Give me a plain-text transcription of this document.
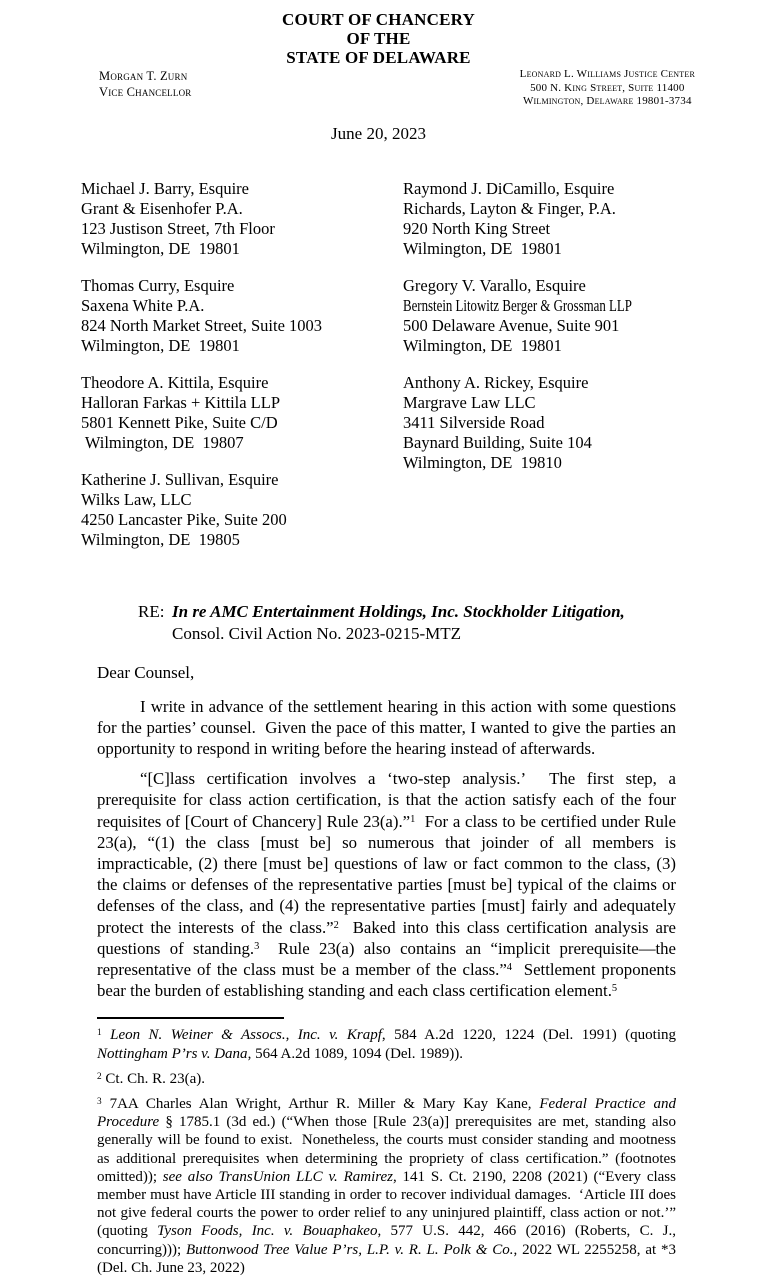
COURT OF CHANCERY
OF THE
STATE OF DELAWARE
Morgan T. Zurn
Vice Chancellor
Leonard L. Williams Justice Center
500 N. King Street, Suite 11400
Wilmington, Delaware 19801-3734
June 20, 2023
Michael J. Barry, Esquire
Grant & Eisenhofer P.A.
123 Justison Street, 7th Floor
Wilmington, DE  19801
Thomas Curry, Esquire
Saxena White P.A.
824 North Market Street, Suite 1003
Wilmington, DE  19801
Theodore A. Kittila, Esquire
Halloran Farkas + Kittila LLP
5801 Kennett Pike, Suite C/D
Wilmington, DE  19807
Katherine J. Sullivan, Esquire
Wilks Law, LLC
4250 Lancaster Pike, Suite 200
Wilmington, DE  19805
Raymond J. DiCamillo, Esquire
Richards, Layton & Finger, P.A.
920 North King Street
Wilmington, DE  19801
Gregory V. Varallo, Esquire
Bernstein Litowitz Berger & Grossman LLP
500 Delaware Avenue, Suite 901
Wilmington, DE  19801
Anthony A. Rickey, Esquire
Margrave Law LLC
3411 Silverside Road
Baynard Building, Suite 104
Wilmington, DE  19810
RE: In re AMC Entertainment Holdings, Inc. Stockholder Litigation,
Consol. Civil Action No. 2023-0215-MTZ
Dear Counsel,

I write in advance of the settlement hearing in this action with some questions for the parties’ counsel.  Given the pace of this matter, I wanted to give the parties an opportunity to respond in writing before the hearing instead of afterwards.

“[C]lass certification involves a ‘two-step analysis.’  The first step, a prerequisite for class action certification, is that the action satisfy each of the four requisites of [Court of Chancery] Rule 23(a).”$^1$  For a class to be certified under Rule 23(a), “(1) the class [must be] so numerous that joinder of all members is impracticable, (2) there [must be] questions of law or fact common to the class, (3) the claims or defenses of the representative parties [must be] typical of the claims or defenses of the class, and (4) the representative parties [must] fairly and adequately protect the interests of the class.”$^2$  Baked into this class certification analysis are questions of standing.$^3$  Rule 23(a) also contains an “implicit prerequisite—the representative of the class must be a member of the class.”$^4$  Settlement proponents bear the burden of establishing standing and each class certification element.$^5$

$^1$ Leon N. Weiner & Assocs., Inc. v. Krapf, 584 A.2d 1220, 1224 (Del. 1991) (quoting Nottingham P’rs v. Dana, 564 A.2d 1089, 1094 (Del. 1989)).

$^2$ Ct. Ch. R. 23(a).

$^3$ 7AA Charles Alan Wright, Arthur R. Miller & Mary Kay Kane, Federal Practice and Procedure § 1785.1 (3d ed.) (“When those [Rule 23(a)] prerequisites are met, standing also generally will be found to exist.  Nonetheless, the courts must consider standing and mootness as additional prerequisites when determining the propriety of class certification.” (footnotes omitted)); see also TransUnion LLC v. Ramirez, 141 S. Ct. 2190, 2208 (2021) (“Every class member must have Article III standing in order to recover individual damages.  ‘Article III does not give federal courts the power to order relief to any uninjured plaintiff, class action or not.’” (quoting Tyson Foods, Inc. v. Bouaphakeo, 577 U.S. 442, 466 (2016) (Roberts, C. J., concurring))); Buttonwood Tree Value P’rs, L.P. v. R. L. Polk & Co., 2022 WL 2255258, at *3 (Del. Ch. June 23, 2022)
